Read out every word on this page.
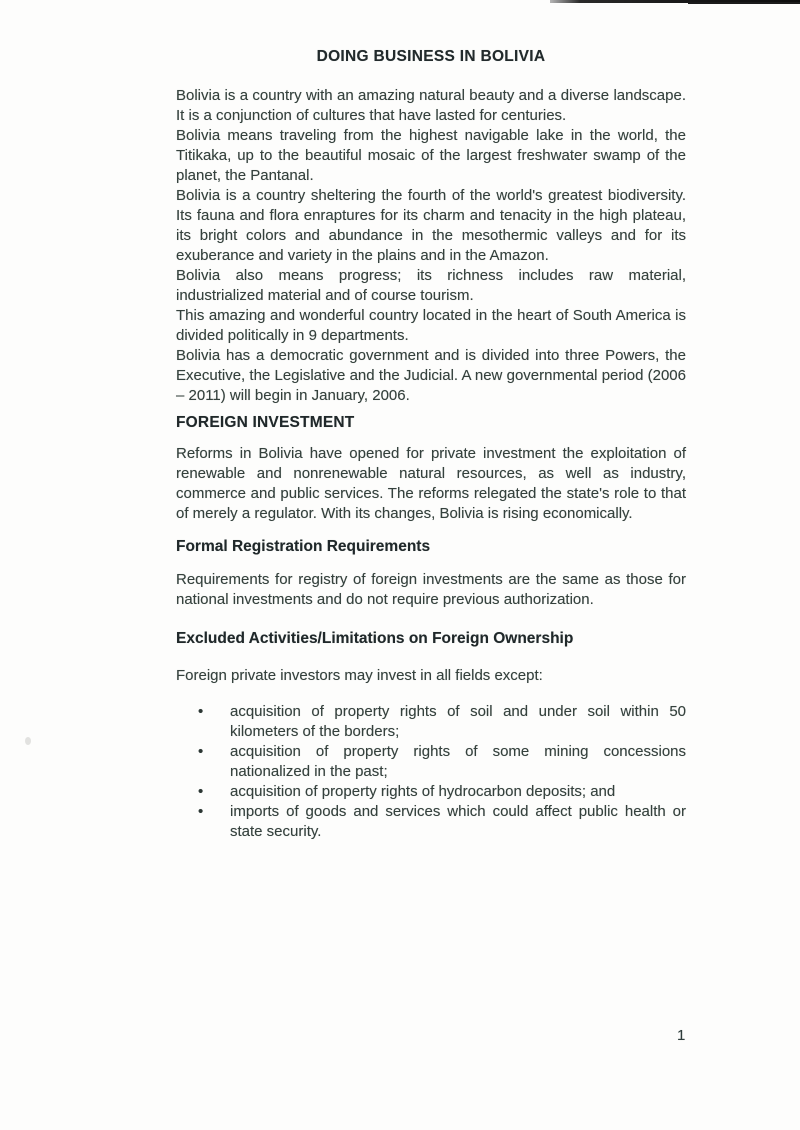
DOING BUSINESS IN BOLIVIA

Bolivia is a country with an amazing natural beauty and a diverse landscape. It is a conjunction of cultures that have lasted for centuries.

Bolivia means traveling from the highest navigable lake in the world, the Titikaka, up to the beautiful mosaic of the largest freshwater swamp of the planet, the Pantanal.

Bolivia is a country sheltering the fourth of the world's greatest biodiversity. Its fauna and flora enraptures for its charm and tenacity in the high plateau, its bright colors and abundance in the mesothermic valleys and for its exuberance and variety in the plains and in the Amazon.

Bolivia also means progress; its richness includes raw material, industrialized material and of course tourism.

This amazing and wonderful country located in the heart of South America is divided politically in 9 departments.

Bolivia has a democratic government and is divided into three Powers, the Executive, the Legislative and the Judicial. A new governmental period (2006 – 2011) will begin in January, 2006.

FOREIGN INVESTMENT

Reforms in Bolivia have opened for private investment the exploitation of renewable and nonrenewable natural resources, as well as industry, commerce and public services. The reforms relegated the state's role to that of merely a regulator. With its changes, Bolivia is rising economically.

Formal Registration Requirements

Requirements for registry of foreign investments are the same as those for national investments and do not require previous authorization.

Excluded Activities/Limitations on Foreign Ownership

Foreign private investors may invest in all fields except:

•	acquisition of property rights of soil and under soil within 50 kilometers of the borders;
•	acquisition of property rights of some mining concessions nationalized in the past;
•	acquisition of property rights of hydrocarbon deposits; and
•	imports of goods and services which could affect public health or state security.
1
